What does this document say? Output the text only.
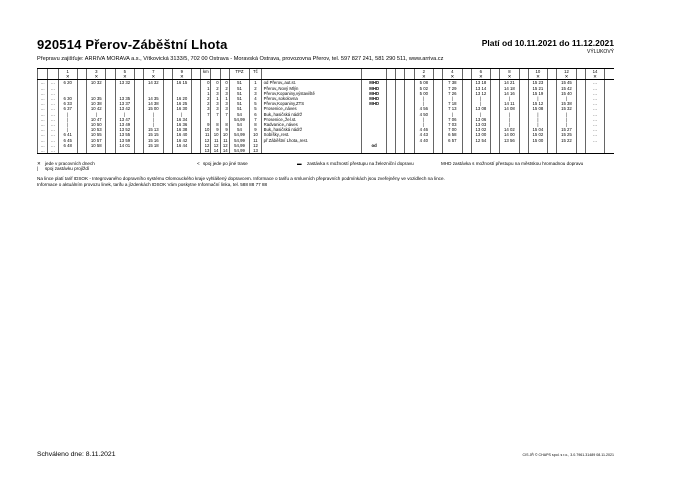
920514 Přerov-Záběštní Lhota	Platí od 10.11.2021 do 11.12.2021
VÝLUKOVÝ
Přepravu zajišťuje: ARRIVA MORAVA a.s., Vítkovická 3133/5, 702 00 Ostrava - Moravská Ostrava, provozovna Přerov, tel. 597 827 241, 581 290 511, www.arriva.cz
		1		3		5		7		9		km			TPZ	Tč						2		4		6		8		10		12		14	
		✕		✕		✕		✕		✕												✕		✕		✕		✕		✕		✕		✕	
…	…	6 20		10 32		13 32		14 32		16 15		0	0	0	51	1	od Přerov,,aut.st.	MHD				5 08		7 38		13 18		14 21		15 23		15 45		…	
…	…											1	2	2	51	2	Přerov,,Nový Mlýn	MHD				5 02		7 29		13 14		14 18		15 21		15 42		…	
…	…											1	3	3	51	3	Přerov,Kopaniny,výstaviště	MHD				5 00		7 26		13 12		14 16		15 19		15 40		…	
…	…	6 30		10 35		13 35		14 35		16 20		2	1	1	51	4	Přerov,,sokolovna	MHD				|		|		|		|		|		|		…	
…	…	6 33		10 38		13 37		14 38		16 25		2	3	3	51	5	Přerov,Kopaniny,ZTS	MHD				|		7 18		|		14 11		15 12		15 38		…	
…	…	6 37		10 42		13 42		15 00		16 30		3	3	3	51	5	Prosenice,,náves					4 56		7 13		13 08		14 08		15 08		15 32		…	
…	…	|		|		|		|		|		7	7	7	54	6	Buk,,hasičská nádrž					4 50		|		|		|		|		|		…	
…	…	|		10 47		13 47		|		16 34					54,99	7	Prosenice,,žel.st.					|		7 06		13 06		|		|		|		…	
…	…	|		10 50		13 49		|		16 36		9	8	8	54	8	Radvanice,,náves					|		7 03		13 03		|		|		|		…	
…	…	|		10 53		13 52		15 13		16 38		10	9	9	54	9	Buk,,hasičská nádrž					4 46		7 00		13 02		14 02		15 04		15 27		…	
…	…	6 41		10 55		13 55		15 15		16 40		11	10	10	54,99	10	Sobíšky,,rest.					4 43		6 58		13 00		14 00		15 02		15 25		…	
…	…	6 45		10 57		13 59		15 16		16 42		12	11	11	54,99	11	př Záběštní Lhota,,rest.					4 40		6 57		12 54		13 56		15 00		15 22		…	
…	…	6 48		10 58		14 01		15 18		16 44		12	12	12	54,99	12		od																	
…	…											13	14	14	54,99	13																			
✕ jede v pracovních dnech
| spoj zastávku projíždí
< spoj jede po jiné trase	▬ zastávka s možností přestupu na železniční dopravu	MHD zastávka s možností přestupu na městskou hromadnou dopravu
Na lince platí tarif IDSOK - Integrovaného dopravního systému Olomouckého kraje vyhlášený dopravcem. Informace o tarifu a smluvních přepravních podmínkách jsou zveřejněny ve vozidlech na lince.
Informace o aktuálním provozu linek, tarifu a jízdenkách IDSOK Vám poskytne Informační linka, tel. 588 88 77 88
Schváleno dne: 8.11.2021	CIS JŘ © CHAPS spol. s r.o., 3.0.7961.31489 08.11.2021
